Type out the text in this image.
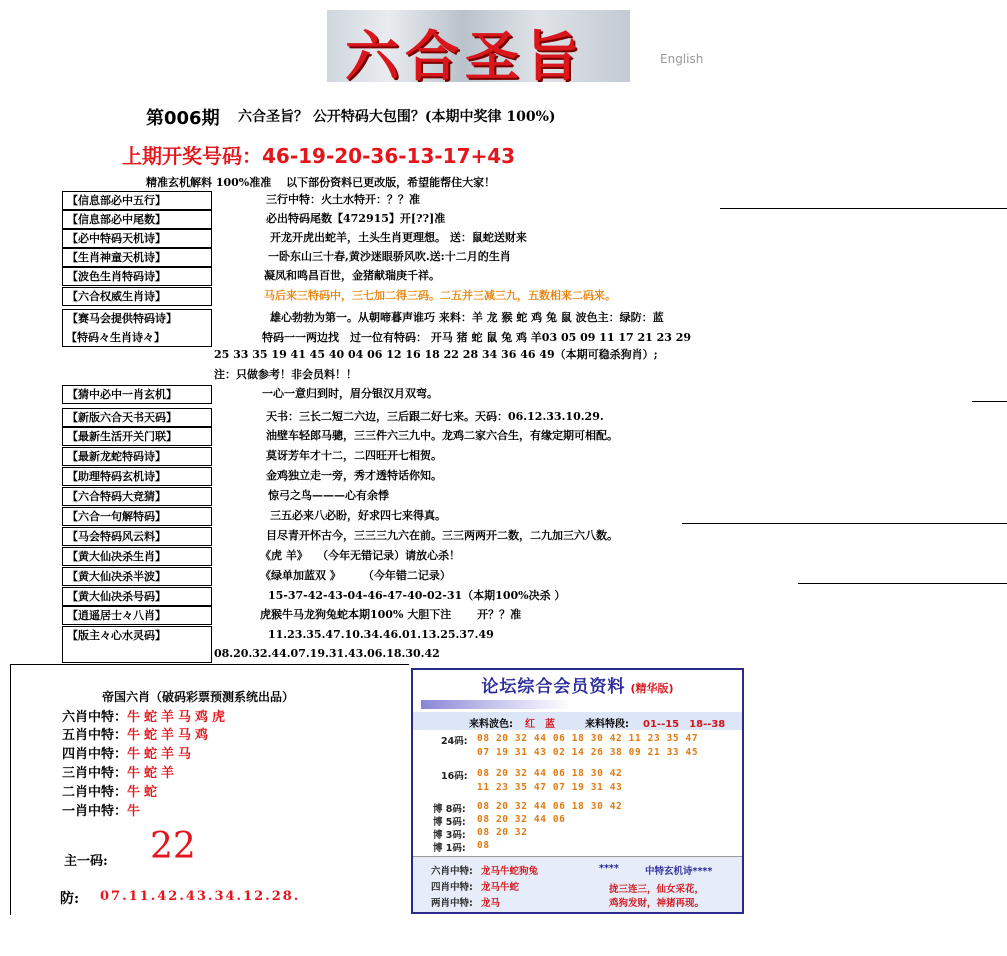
六合圣旨	English
第006期 六合圣旨？ 公开特码大包围？(本期中奖律 100%)
上期开奖号码：46-19-20-36-13-17+43
精准玄机解料 100%准准　 以下部份资料已更改版，希望能帮住大家！
【信息部必中五行】	三行中特：火土水特开：？？准
【信息部必中尾数】	必出特码尾数【472915】开[??]准
【必中特码天机诗】	开龙开虎出蛇羊，土头生肖更理想。 送：鼠蛇送财来
【生肖神童天机诗】	一卧东山三十春,黄沙迷眼骄风吹.送:十二月的生肖
【波色生肖特码诗】	凝凤和鸣昌百世，金猪献瑞庚千祥。
【六合权威生肖诗】	马后来三特码中，三七加二得三码。二五并三减三九，五数相来二码来。
【赛马会提供特码诗】	雄心勃勃为第一。从朝啼暮声谁巧 来料：羊 龙 猴 蛇 鸡 兔 鼠 波色主：绿防：蓝
【特码々生肖诗々】	特码一一两边找　过一位有特码： 开马 猪 蛇 鼠 兔 鸡 羊03 05 09 11 17 21 23 29
25 33 35 19 41 45 40 04 06 12 16 18 22 28 34 36 46 49（本期可稳杀狗肖）;
注：只做参考！非会员料！！
【猜中必中一肖玄机】	一心一意归到时，眉分银汉月双弯。
【新版六合天书天码】	天书：三长二短二六边，三后跟二好七来。天码：06.12.33.10.29.
【最新生活开关门联】	油壁车轻郎马骢，三三件六三九中。龙鸡二家六合生，有缘定期可相配。
【最新龙蛇特码诗】	莫讶芳年才十二，二四旺开七相贺。
【助理特码玄机诗】	金鸡独立走一旁，秀才透特话你知。
【六合特码大竞猜】	惊弓之鸟———心有余悸
【六合一句解特码】	三五必来八必盼，好求四七来得真。
【马会特码风云料】	目尽青开怀古今，三三三九六在前。三三两两开二数，二九加三六八数。
【黄大仙决杀生肖】	《虎 羊》　 （今年无错记录）请放心杀！
【黄大仙决杀半波】	《绿单加蓝双 》　　　（今年错二记录）
【黄大仙决杀号码】	15-37-42-43-04-46-47-40-02-31（本期100%决杀 ）
【逍遥居士々八肖】	虎猴牛马龙狗兔蛇本期100% 大胆下注　　 开？？准
【版主々心水灵码】	11.23.35.47.10.34.46.01.13.25.37.49
08.20.32.44.07.19.31.43.06.18.30.42
帝国六肖（破码彩票预测系统出品）
六肖中特：牛蛇羊马鸡虎
五肖中特：牛蛇羊马鸡
四肖中特：牛蛇羊马
三肖中特：牛蛇羊
二肖中特：牛蛇
一肖中特：牛
主一码: 22
防: 07.11.42.43.34.12.28.
论坛综合会员资料 (精华版)
来料波色: 红　蓝	来料特段: 01--15　18--38
24码: 08 20 32 44 06 18 30 42 11 23 35 47
07 19 31 43 02 14 26 38 09 21 33 45
16码: 08 20 32 44 06 18 30 42
11 23 35 47 07 19 31 43
博 8码: 08 20 32 44 06 18 30 42
博 5码: 08 20 32 44 06
博 3码: 08 20 32
博 1码: 08
六肖中特: 龙马牛蛇狗兔
四肖中特: 龙马牛蛇
两肖中特: 龙马
****	中特玄机诗****
拢三连三，仙女采花，
鸡狗发财，神猪再现。
